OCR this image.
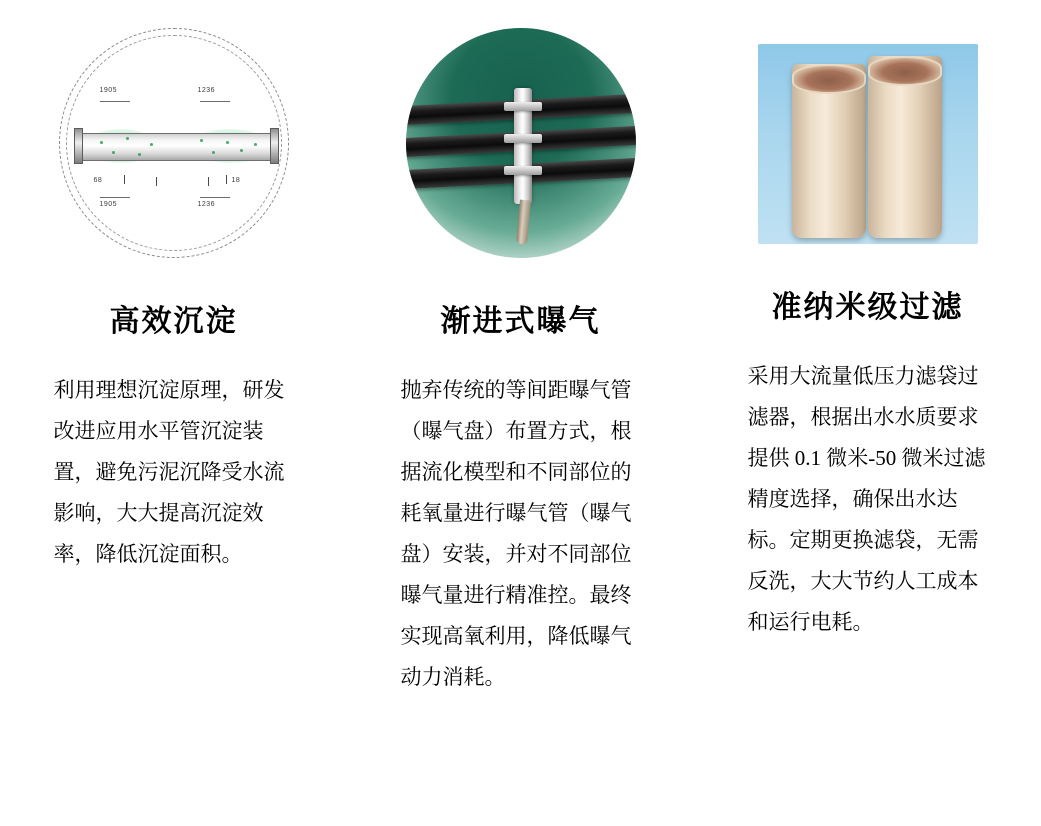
1905	1236
1905	1236
68	18
高效沉淀

利用理想沉淀原理，研发改进应用水平管沉淀装置，避免污泥沉降受水流影响，大大提高沉淀效率，降低沉淀面积。

渐进式曝气

抛弃传统的等间距曝气管（曝气盘）布置方式，根据流化模型和不同部位的耗氧量进行曝气管（曝气盘）安装，并对不同部位曝气量进行精准控。最终实现高氧利用，降低曝气动力消耗。

准纳米级过滤

采用大流量低压力滤袋过滤器，根据出水水质要求提供 0.1 微米-50 微米过滤精度选择，确保出水达标。定期更换滤袋，无需反洗，大大节约人工成本和运行电耗。
